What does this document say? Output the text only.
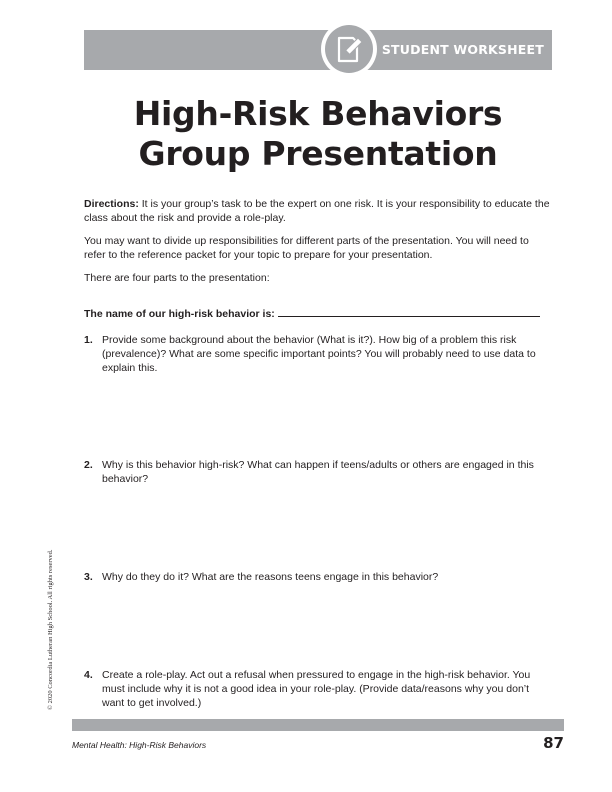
STUDENT WORKSHEET
High-Risk Behaviors
Group Presentation
Directions: It is your group’s task to be the expert on one risk. It is your responsibility to educate the class about the risk and provide a role-play.
You may want to divide up responsibilities for different parts of the presentation. You will need to refer to the reference packet for your topic to prepare for your presentation.
There are four parts to the presentation:
The name of our high-risk behavior is:
1. Provide some background about the behavior (What is it?). How big of a problem this risk (prevalence)? What are some specific important points? You will probably need to use data to explain this.
2. Why is this behavior high-risk? What can happen if teens/adults or others are engaged in this behavior?
3. Why do they do it? What are the reasons teens engage in this behavior?
4. Create a role-play. Act out a refusal when pressured to engage in the high-risk behavior. You must include why it is not a good idea in your role-play. (Provide data/reasons why you don’t want to get involved.)
© 2020 Concordia Lutheran High School. All rights reserved.
Mental Health: High-Risk Behaviors	87
